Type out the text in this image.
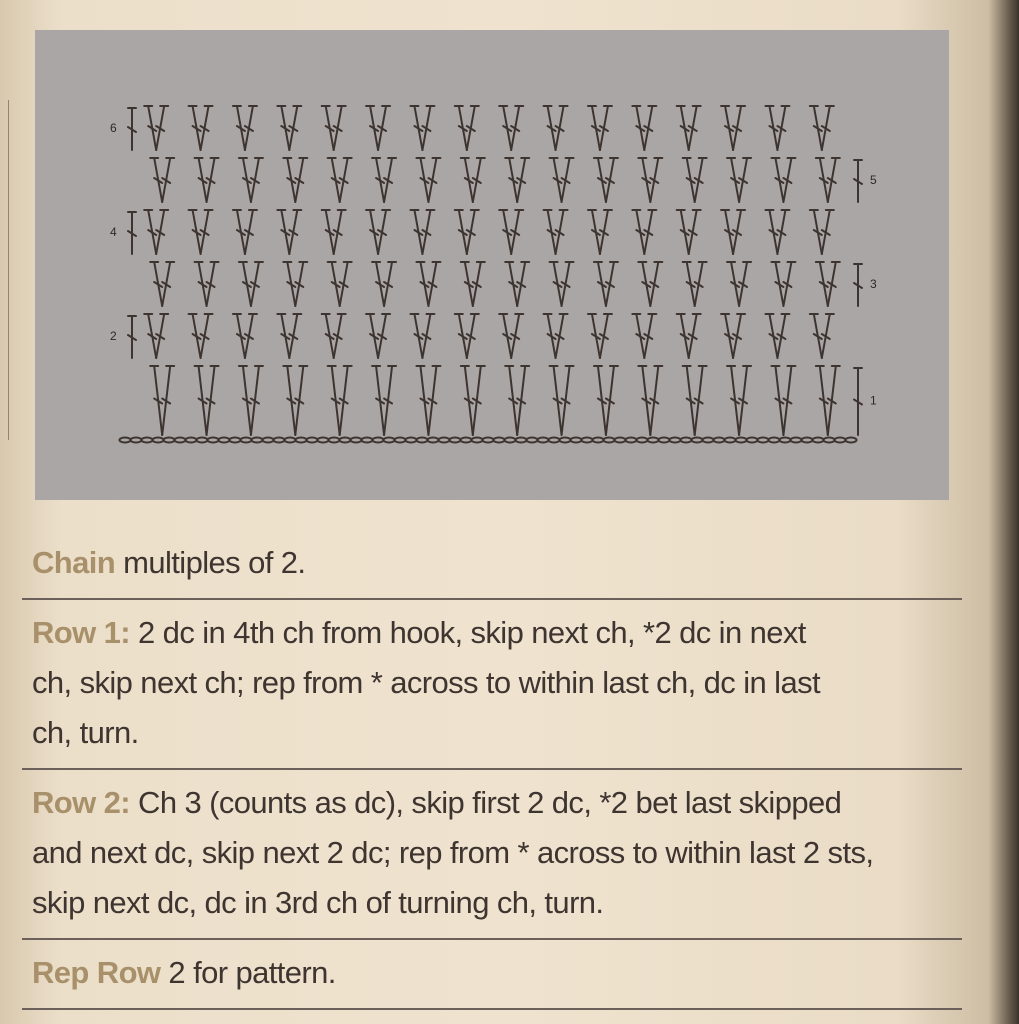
1
2
3
4
5
6
Chain multiples of 2.
Row 1: 2 dc in 4th ch from hook, skip next ch, *2 dc in next
ch, skip next ch; rep from * across to within last ch, dc in last
ch, turn.
Row 2: Ch 3 (counts as dc), skip first 2 dc, *2 bet last skipped
and next dc, skip next 2 dc; rep from * across to within last 2 sts,
skip next dc, dc in 3rd ch of turning ch, turn.
Rep Row 2 for pattern.
